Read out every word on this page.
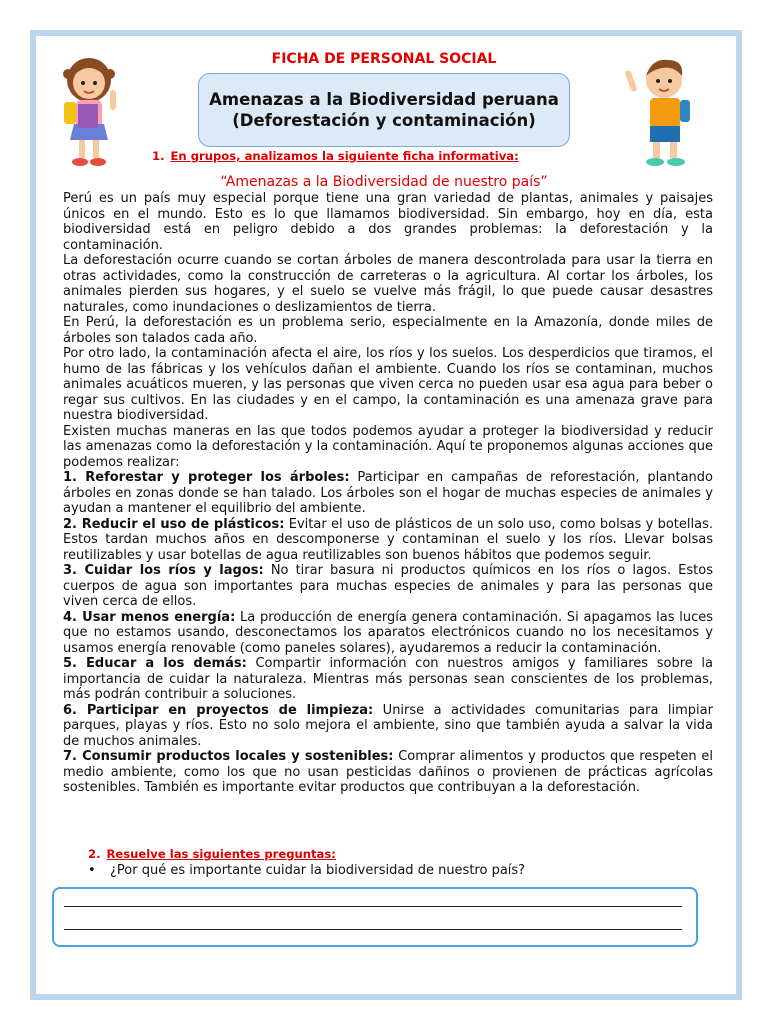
FICHA DE PERSONAL SOCIAL
Amenazas a la Biodiversidad peruana
(Deforestación y contaminación)
1. En grupos, analizamos la siguiente ficha informativa:
“Amenazas a la Biodiversidad de nuestro país”

Perú es un país muy especial porque tiene una gran variedad de plantas, animales y paisajes únicos en el mundo. Esto es lo que llamamos biodiversidad. Sin embargo, hoy en día, esta biodiversidad está en peligro debido a dos grandes problemas: la deforestación y la contaminación.

La deforestación ocurre cuando se cortan árboles de manera descontrolada para usar la tierra en otras actividades, como la construcción de carreteras o la agricultura. Al cortar los árboles, los animales pierden sus hogares, y el suelo se vuelve más frágil, lo que puede causar desastres naturales, como inundaciones o deslizamientos de tierra.

En Perú, la deforestación es un problema serio, especialmente en la Amazonía, donde miles de árboles son talados cada año.

Por otro lado, la contaminación afecta el aire, los ríos y los suelos. Los desperdicios que tiramos, el humo de las fábricas y los vehículos dañan el ambiente. Cuando los ríos se contaminan, muchos animales acuáticos mueren, y las personas que viven cerca no pueden usar esa agua para beber o regar sus cultivos. En las ciudades y en el campo, la contaminación es una amenaza grave para nuestra biodiversidad.

Existen muchas maneras en las que todos podemos ayudar a proteger la biodiversidad y reducir las amenazas como la deforestación y la contaminación. Aquí te proponemos algunas acciones que podemos realizar:

1. Reforestar y proteger los árboles: Participar en campañas de reforestación, plantando árboles en zonas donde se han talado. Los árboles son el hogar de muchas especies de animales y ayudan a mantener el equilibrio del ambiente.

2. Reducir el uso de plásticos: Evitar el uso de plásticos de un solo uso, como bolsas y botellas. Estos tardan muchos años en descomponerse y contaminan el suelo y los ríos. Llevar bolsas reutilizables y usar botellas de agua reutilizables son buenos hábitos que podemos seguir.

3. Cuidar los ríos y lagos: No tirar basura ni productos químicos en los ríos o lagos. Estos cuerpos de agua son importantes para muchas especies de animales y para las personas que viven cerca de ellos.

4. Usar menos energía: La producción de energía genera contaminación. Si apagamos las luces que no estamos usando, desconectamos los aparatos electrónicos cuando no los necesitamos y usamos energía renovable (como paneles solares), ayudaremos a reducir la contaminación.

5. Educar a los demás: Compartir información con nuestros amigos y familiares sobre la importancia de cuidar la naturaleza. Mientras más personas sean conscientes de los problemas, más podrán contribuir a soluciones.

6. Participar en proyectos de limpieza: Unirse a actividades comunitarias para limpiar parques, playas y ríos. Esto no solo mejora el ambiente, sino que también ayuda a salvar la vida de muchos animales.

7. Consumir productos locales y sostenibles: Comprar alimentos y productos que respeten el medio ambiente, como los que no usan pesticidas dañinos o provienen de prácticas agrícolas sostenibles. También es importante evitar productos que contribuyan a la deforestación.

2. Resuelve las siguientes preguntas:
• ¿Por qué es importante cuidar la biodiversidad de nuestro país?
